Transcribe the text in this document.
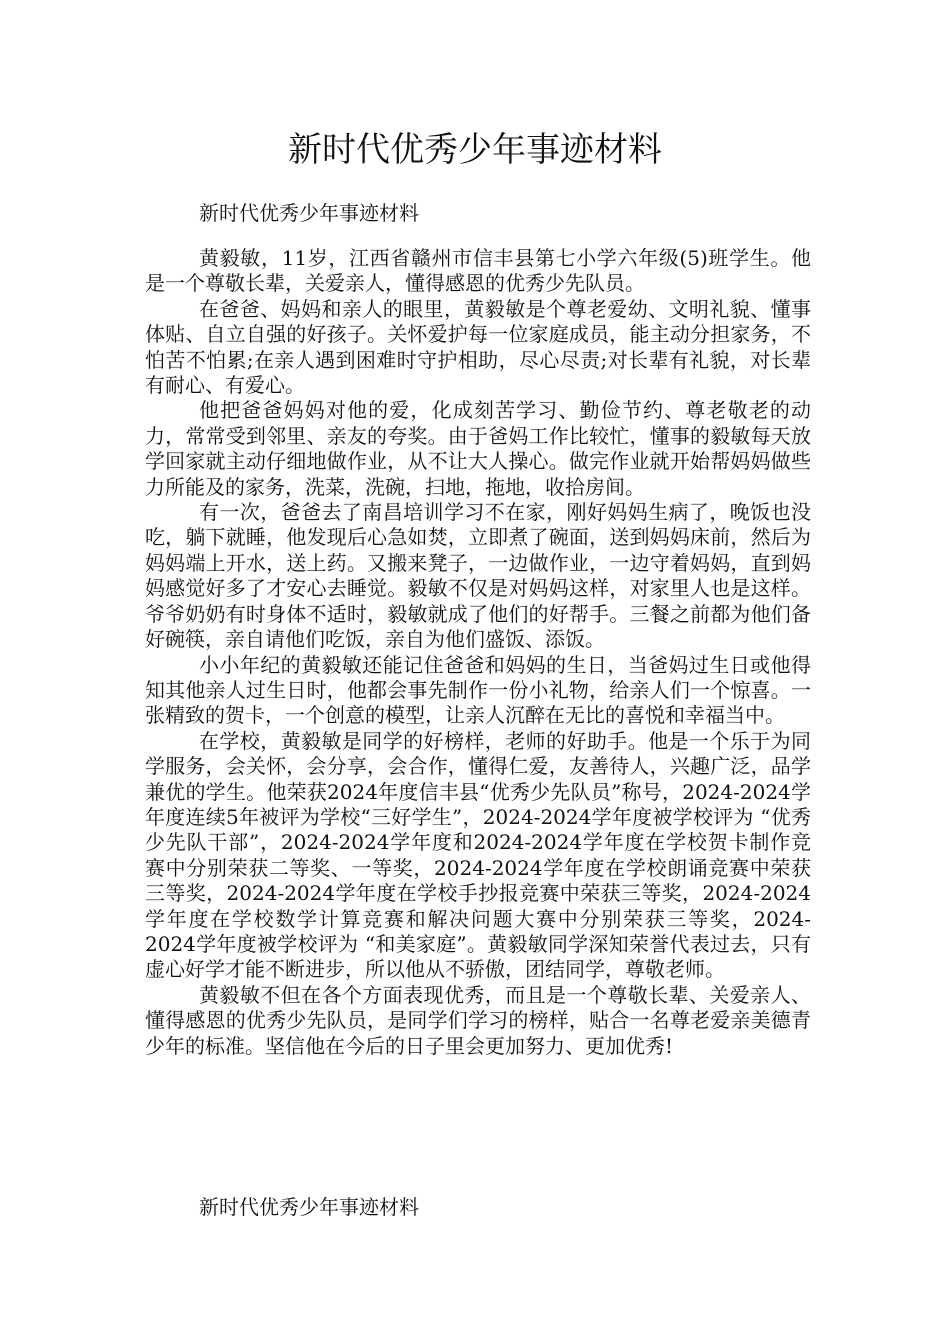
新时代优秀少年事迹材料
新时代优秀少年事迹材料

黄毅敏，11岁，江西省赣州市信丰县第七小学六年级(5)班学生。他是一个尊敬长辈，关爱亲人，懂得感恩的优秀少先队员。

在爸爸、妈妈和亲人的眼里，黄毅敏是个尊老爱幼、文明礼貌、懂事体贴、自立自强的好孩子。关怀爱护每一位家庭成员，能主动分担家务，不怕苦不怕累;在亲人遇到困难时守护相助，尽心尽责;对长辈有礼貌，对长辈有耐心、有爱心。

他把爸爸妈妈对他的爱，化成刻苦学习、勤俭节约、尊老敬老的动力，常常受到邻里、亲友的夸奖。由于爸妈工作比较忙，懂事的毅敏每天放学回家就主动仔细地做作业，从不让大人操心。做完作业就开始帮妈妈做些力所能及的家务，洗菜，洗碗，扫地，拖地，收拾房间。

有一次，爸爸去了南昌培训学习不在家，刚好妈妈生病了，晚饭也没吃，躺下就睡，他发现后心急如焚，立即煮了碗面，送到妈妈床前，然后为妈妈端上开水，送上药。又搬来凳子，一边做作业，一边守着妈妈，直到妈妈感觉好多了才安心去睡觉。毅敏不仅是对妈妈这样，对家里人也是这样。爷爷奶奶有时身体不适时，毅敏就成了他们的好帮手。三餐之前都为他们备好碗筷，亲自请他们吃饭，亲自为他们盛饭、添饭。

小小年纪的黄毅敏还能记住爸爸和妈妈的生日，当爸妈过生日或他得知其他亲人过生日时，他都会事先制作一份小礼物，给亲人们一个惊喜。一张精致的贺卡，一个创意的模型，让亲人沉醉在无比的喜悦和幸福当中。

在学校，黄毅敏是同学的好榜样，老师的好助手。他是一个乐于为同学服务，会关怀，会分享，会合作，懂得仁爱，友善待人，兴趣广泛，品学兼优的学生。他荣获2024年度信丰县“优秀少先队员”称号，2024-2024学年度连续5年被评为学校“三好学生”，2024-2024学年度被学校评为 “优秀少先队干部”，2024-2024学年度和2024-2024学年度在学校贺卡制作竞赛中分别荣获二等奖、一等奖，2024-2024学年度在学校朗诵竞赛中荣获三等奖，2024-2024学年度在学校手抄报竞赛中荣获三等奖，2024-2024学年度在学校数学计算竞赛和解决问题大赛中分别荣获三等奖，2024-2024学年度被学校评为 “和美家庭”。黄毅敏同学深知荣誉代表过去，只有虚心好学才能不断进步，所以他从不骄傲，团结同学，尊敬老师。

黄毅敏不但在各个方面表现优秀，而且是一个尊敬长辈、关爱亲人、懂得感恩的优秀少先队员，是同学们学习的榜样，贴合一名尊老爱亲美德青少年的标准。坚信他在今后的日子里会更加努力、更加优秀!

新时代优秀少年事迹材料
